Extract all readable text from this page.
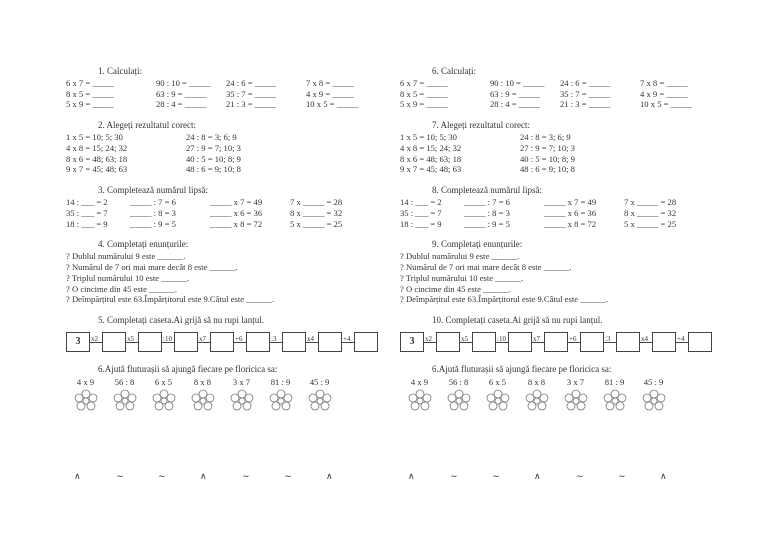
1. Calculați:
6 x 7 = _____	90 : 10 = _____	24 : 6 = _____	7 x 8 = _____
8 x 5 = _____	63 : 9 = _____	35 : 7 = _____	4 x 9 = _____
5 x 9 = _____	28 : 4 = _____	21 : 3 = _____	10 x 5 = _____
2. Alegeți rezultatul corect:
1 x 5 = 10; 5; 30	24 : 8 = 3; 6; 9
4 x 8 = 15; 24; 32	27 : 9 = 7; 10; 3
8 x 6 = 48; 63; 18	40 : 5 = 10; 8; 9
9 x 7 = 45; 48; 63	48 : 6 = 9; 10; 8
3. Completează numărul lipsă:
14 : ___ = 2	_____ : 7 = 6	_____ x 7 = 49	7 x _____ = 28
35 : ___ = 7	_____ : 8 = 3	_____ x 6 = 36	8 x _____ = 32
18 : ___ = 9	_____ : 9 = 5	_____ x 8 = 72	5 x _____ = 25
4. Completați enunțurile:
? Dublul numărului 9 este ______.
? Numărul de 7 ori mai mare decât 8 este ______.
? Triplul numărului 10 este ______.
? O cincime din 45 este ______.
? Deîmpărțitul este 63.Împărțitorul este 9.Câtul este ______.
5. Completați caseta.Ai grijă să nu rupi lanțul.
3	x2	x5	:10	x7	+6	:3	x4	+4
6.Ajută fluturașii să ajungă fiecare pe floricica sa:
4 x 9	56 : 8	6 x 5	8 x 8	3 x 7	81 : 9	45 : 9
∧	∼	∼	∧	∼	∼	∧
6. Calculați:
6 x 7 = _____	90 : 10 = _____	24 : 6 = _____	7 x 8 = _____
8 x 5 = _____	63 : 9 = _____	35 : 7 = _____	4 x 9 = _____
5 x 9 = _____	28 : 4 = _____	21 : 3 = _____	10 x 5 = _____
7. Alegeți rezultatul corect:
1 x 5 = 10; 5; 30	24 : 8 = 3; 6; 9
4 x 8 = 15; 24; 32	27 : 9 = 7; 10; 3
8 x 6 = 48; 63; 18	40 : 5 = 10; 8; 9
9 x 7 = 45; 48; 63	48 : 6 = 9; 10; 8
8. Completează numărul lipsă:
14 : ___ = 2	_____ : 7 = 6	_____ x 7 = 49	7 x _____ = 28
35 : ___ = 7	_____ : 8 = 3	_____ x 6 = 36	8 x _____ = 32
18 : ___ = 9	_____ : 9 = 5	_____ x 8 = 72	5 x _____ = 25
9. Completați enunțurile:
? Dublul numărului 9 este ______.
? Numărul de 7 ori mai mare decât 8 este ______.
? Triplul numărului 10 este ______.
? O cincime din 45 este ______.
? Deîmpărțitul este 63.Împărțitorul este 9.Câtul este ______.
10. Completați caseta.Ai grijă să nu rupi lanțul.
3	x2	x5	:10	x7	+6	:3	x4	+4
6.Ajută fluturașii să ajungă fiecare pe floricica sa:
4 x 9	56 : 8	6 x 5	8 x 8	3 x 7	81 : 9	45 : 9
∧	∼	∼	∧	∼	∼	∧
